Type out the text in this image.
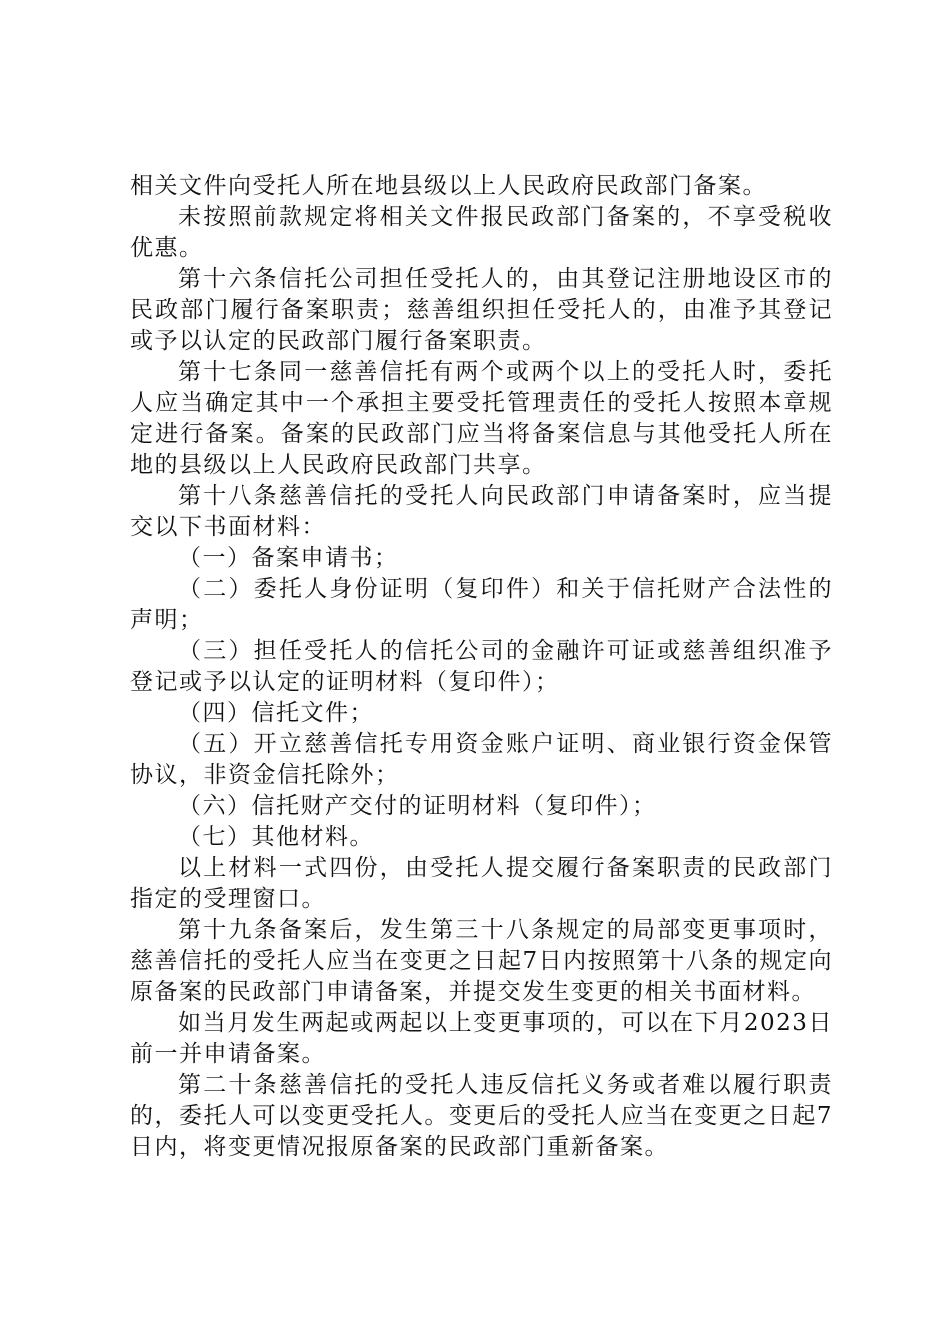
相关文件向受托人所在地县级以上人民政府民政部门备案。

未按照前款规定将相关文件报民政部门备案的，不享受税收优惠。

第十六条信托公司担任受托人的，由其登记注册地设区市的民政部门履行备案职责；慈善组织担任受托人的，由准予其登记或予以认定的民政部门履行备案职责。

第十七条同一慈善信托有两个或两个以上的受托人时，委托人应当确定其中一个承担主要受托管理责任的受托人按照本章规定进行备案。备案的民政部门应当将备案信息与其他受托人所在地的县级以上人民政府民政部门共享。

第十八条慈善信托的受托人向民政部门申请备案时，应当提交以下书面材料：

（一）备案申请书；

（二）委托人身份证明（复印件）和关于信托财产合法性的声明；

（三）担任受托人的信托公司的金融许可证或慈善组织准予登记或予以认定的证明材料（复印件）；

（四）信托文件；

（五）开立慈善信托专用资金账户证明、商业银行资金保管协议，非资金信托除外；

（六）信托财产交付的证明材料（复印件）；

（七）其他材料。

以上材料一式四份，由受托人提交履行备案职责的民政部门指定的受理窗口。

第十九条备案后，发生第三十八条规定的局部变更事项时，慈善信托的受托人应当在变更之日起7日内按照第十八条的规定向原备案的民政部门申请备案，并提交发生变更的相关书面材料。

如当月发生两起或两起以上变更事项的，可以在下月2023日前一并申请备案。

第二十条慈善信托的受托人违反信托义务或者难以履行职责的，委托人可以变更受托人。变更后的受托人应当在变更之日起7日内，将变更情况报原备案的民政部门重新备案。
